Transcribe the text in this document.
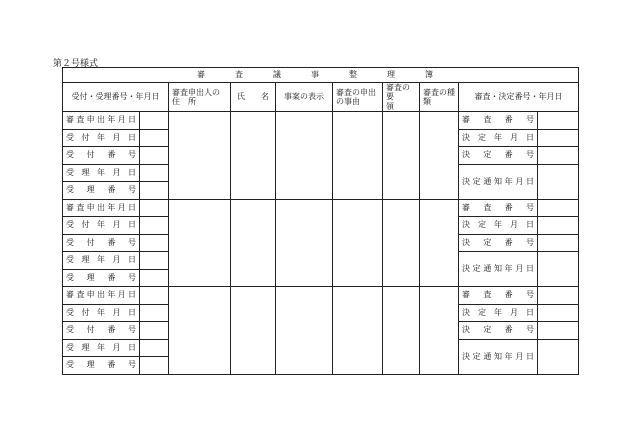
第２号様式
審　査　議　事　整　理　簿									
受付・受理番号・年月日		審査申出人の　住　所	氏　　名	事案の表示	審査の申出の事由	審査の要　　領	審査の種　　類	審査・決定番号・年月日	
審査申出年月日								審査番号	
受付年月日								決定年月日	
受付番号								決定番号	
受理年月日								決定通知年月日	
受理番号									
審査申出年月日								審査番号	
受付年月日								決定年月日	
受付番号								決定番号	
受理年月日								決定通知年月日	
受理番号									
審査申出年月日								審査番号	
受付年月日								決定年月日	
受付番号								決定番号	
受理年月日								決定通知年月日	
受理番号									
